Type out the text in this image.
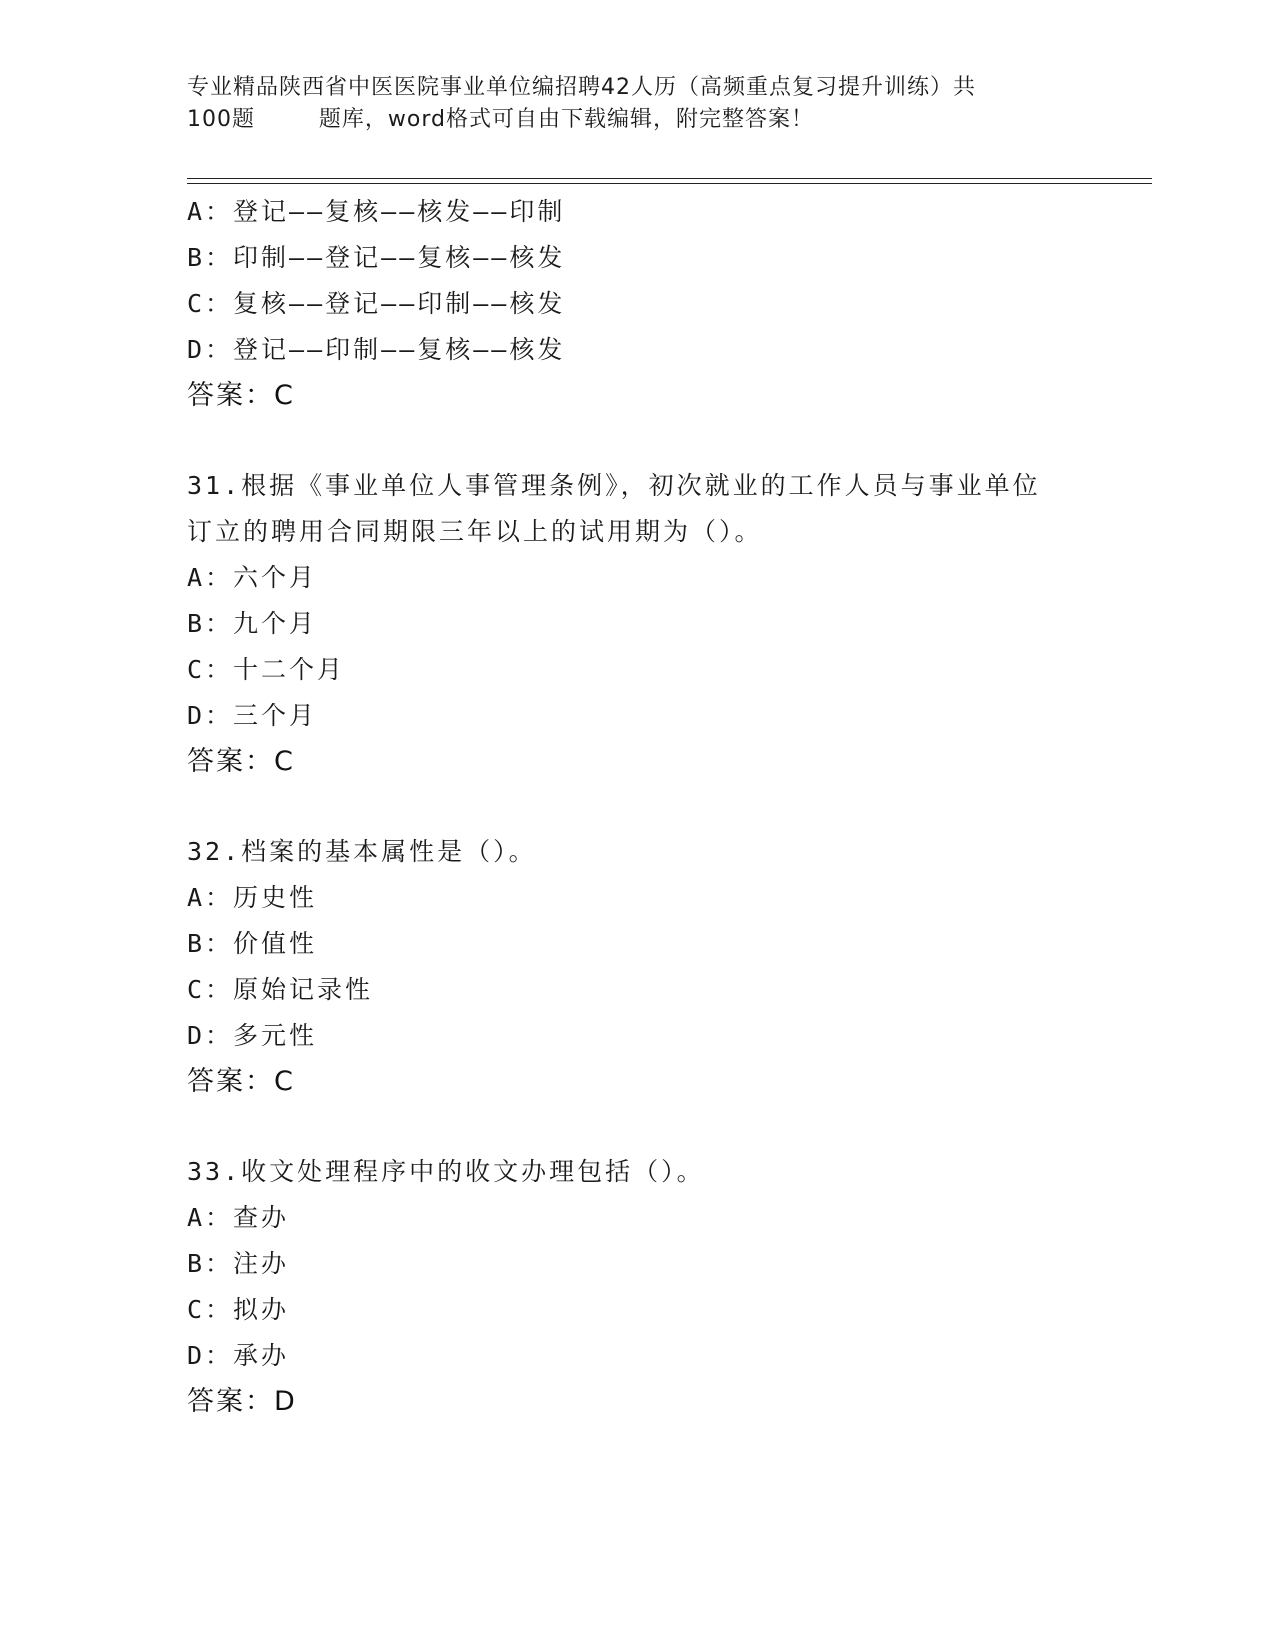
专业精品陕西省中医医院事业单位编招聘42人历（高频重点复习提升训练）共
100题        题库，word格式可自由下载编辑，附完整答案！
A：登记——复核——核发——印制
B：印制——登记——复核——核发
C：复核——登记——印制——核发
D：登记——印制——复核——核发
答案：C
31.根据《事业单位人事管理条例》，初次就业的工作人员与事业单位
订立的聘用合同期限三年以上的试用期为（）。
A：六个月
B：九个月
C：十二个月
D：三个月
答案：C
32.档案的基本属性是（）。
A：历史性
B：价值性
C：原始记录性
D：多元性
答案：C
33.收文处理程序中的收文办理包括（）。
A：查办
B：注办
C：拟办
D：承办
答案：D
